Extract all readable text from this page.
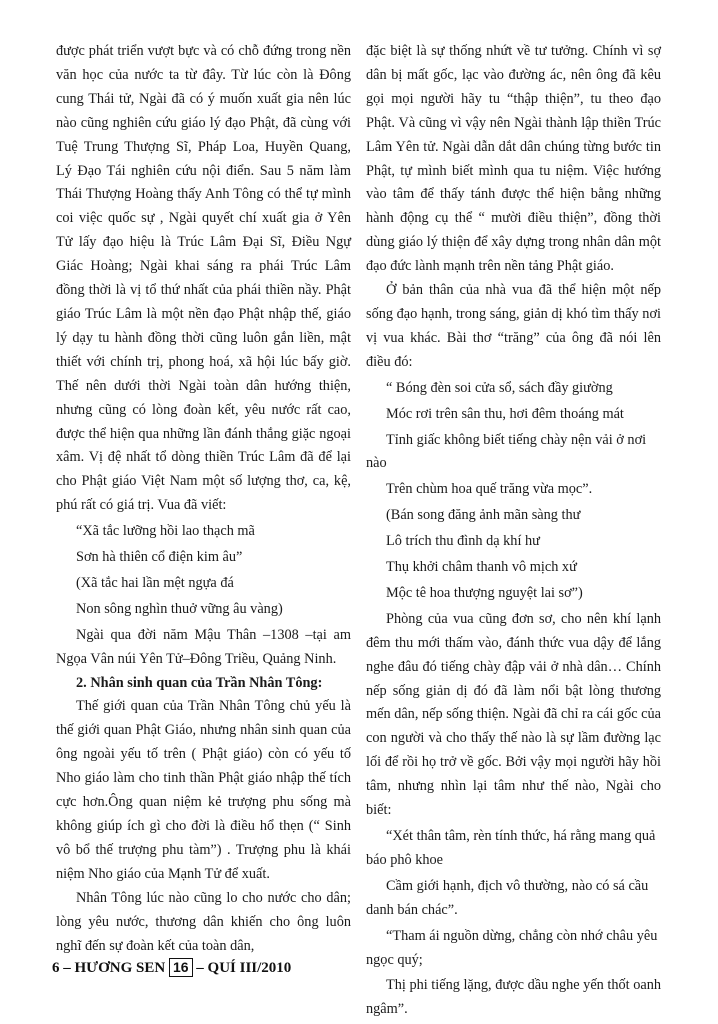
được phát triển vượt bực và có chỗ đứng trong nền văn học của nước ta từ đây. Từ lúc còn là Đông cung Thái tử, Ngài đã có ý muốn xuất gia nên lúc nào cũng nghiên cứu giáo lý đạo Phật, đã cùng với Tuệ Trung Thượng Sĩ, Pháp Loa, Huyền Quang, Lý Đạo Tái nghiên cứu nội điển. Sau 5 năm làm Thái Thượng Hoàng thấy Anh Tông có thể tự mình coi việc quốc sự , Ngài quyết chí xuất gia ở Yên Tử lấy đạo hiệu là Trúc Lâm Đại Sĩ, Điều Ngự Giác Hoàng; Ngài khai sáng ra phái Trúc Lâm đồng thời là vị tổ thứ nhất của phái thiền nầy. Phật giáo Trúc Lâm là một nền đạo Phật nhập thế, giáo lý dạy tu hành đồng thời cũng luôn gắn liền, mật thiết với chính trị, phong hoá, xã hội lúc bấy giờ. Thế nên dưới thời Ngài toàn dân hướng thiện, nhưng cũng có lòng đoàn kết, yêu nước rất cao, được thể hiện qua những lần đánh thắng giặc ngoại xâm. Vị đệ nhất tổ dòng thiền Trúc Lâm đã để lại cho Phật giáo Việt Nam một số lượng thơ, ca, kệ, phú rất có giá trị. Vua đã viết:

“Xã tắc lưỡng hồi lao thạch mã

Sơn hà thiên cổ điện kim âu”

(Xã tắc hai lần mệt ngựa đá

Non sông nghìn thuở vững âu vàng)

Ngài qua đời năm Mậu Thân –1308 –tại am Ngọa Vân núi Yên Tử–Đông Triều, Quảng Ninh.

2. Nhân sinh quan của Trần Nhân Tông:

Thế giới quan của Trần Nhân Tông chủ yếu là thế giới quan Phật Giáo, nhưng nhân sinh quan của ông ngoài yếu tố trên ( Phật giáo) còn có yếu tố Nho giáo làm cho tinh thần Phật giáo nhập thế tích cực hơn.Ông quan niệm kẻ trượng phu sống mà không giúp ích gì cho đời là điều hổ thẹn (“ Sinh vô bổ thế trượng phu tàm”) . Trượng phu là khái niệm Nho giáo của Mạnh Tử để xuất.

Nhân Tông lúc nào cũng lo cho nước cho dân; lòng yêu nước, thương dân khiến cho ông luôn nghĩ đến sự đoàn kết của toàn dân,

đặc biệt là sự thống nhứt về tư tưởng. Chính vì sợ dân bị mất gốc, lạc vào đường ác, nên ông đã kêu gọi mọi người hãy tu “thập thiện”, tu theo đạo Phật. Và cũng vì vậy nên Ngài thành lập thiền Trúc Lâm Yên tử. Ngài dẫn dắt dân chúng từng bước tin Phật, tự mình biết mình qua tu niệm. Việc hướng vào tâm để thấy tánh được thể hiện bằng những hành động cụ thể “ mười điều thiện”, đồng thời dùng giáo lý thiện để xây dựng trong nhân dân một đạo đức lành mạnh trên nền tảng Phật giáo.

Ở bản thân của nhà vua đã thể hiện một nếp sống đạo hạnh, trong sáng, giản dị khó tìm thấy nơi vị vua khác. Bài thơ “trăng” của ông đã nói lên điều đó:

“ Bóng đèn soi cửa sổ, sách đầy giường

Móc rơi trên sân thu, hơi đêm thoáng mát

Tỉnh giấc không biết tiếng chày nện vải ở nơi nào

Trên chùm hoa quế trăng vừa mọc”.

(Bán song đăng ảnh mãn sàng thư

Lô trích thu đình dạ khí hư

Thụ khởi châm thanh vô mịch xứ

Mộc tê hoa thượng nguyệt lai sơ”)

Phòng của vua cũng đơn sơ, cho nên khí lạnh đêm thu mới thấm vào, đánh thức vua dậy để lắng nghe đâu đó tiếng chày đập vải ở nhà dân… Chính nếp sống giản dị đó đã làm nổi bật lòng thương mến dân, nếp sống thiện. Ngài đã chỉ ra cái gốc của con người và cho thấy thế nào là sự lầm đường lạc lối để rồi họ trở về gốc. Bởi vậy mọi người hãy hồi tâm, nhưng nhìn lại tâm như thế nào, Ngài cho biết:

“Xét thân tâm, rèn tính thức, há rằng mang quả báo phô khoe

Cầm giới hạnh, địch vô thường, nào có sá cầu danh bán chác”.

“Tham ái nguồn dừng, chẳng còn nhớ châu yêu ngọc quý;

Thị phi tiếng lặng, được dầu nghe yến thốt oanh ngâm”.

6 – HƯƠNG SEN 16 – QUÍ III/2010
